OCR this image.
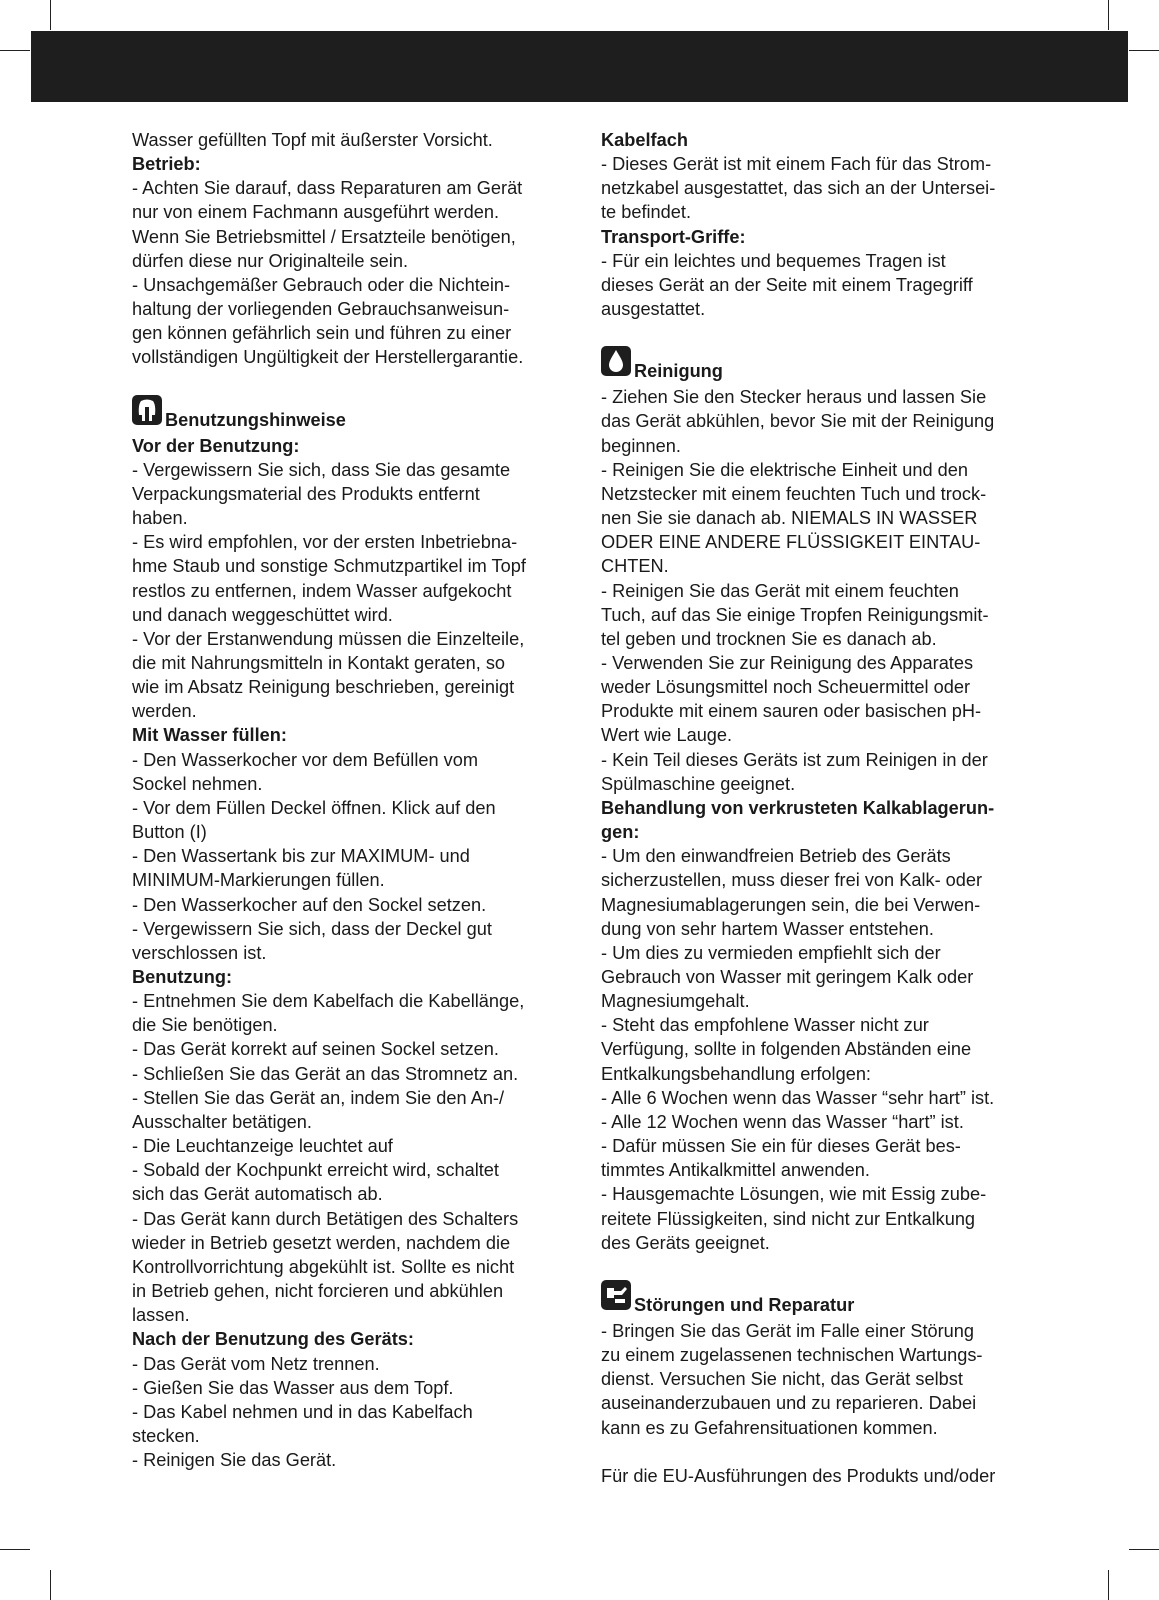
Wasser gefüllten Topf mit äußerster Vorsicht.
Betrieb:
- Achten Sie darauf, dass Reparaturen am Gerät
nur von einem Fachmann ausgeführt werden.
Wenn Sie Betriebsmittel / Ersatzteile benötigen,
dürfen diese nur Originalteile sein.
- Unsachgemäßer Gebrauch oder die Nichtein-
haltung der vorliegenden Gebrauchsanweisun-
gen können gefährlich sein und führen zu einer
vollständigen Ungültigkeit der Herstellergarantie.
Benutzungshinweise
Vor der Benutzung:
- Vergewissern Sie sich, dass Sie das gesamte
Verpackungsmaterial des Produkts entfernt
haben.
- Es wird empfohlen, vor der ersten Inbetriebna-
hme Staub und sonstige Schmutzpartikel im Topf
restlos zu entfernen, indem Wasser aufgekocht
und danach weggeschüttet wird.
- Vor der Erstanwendung müssen die Einzelteile,
die mit Nahrungsmitteln in Kontakt geraten, so
wie im Absatz Reinigung beschrieben, gereinigt
werden.
Mit Wasser füllen:
- Den Wasserkocher vor dem Befüllen vom
Sockel nehmen.
- Vor dem Füllen Deckel öffnen. Klick auf den
Button (I)
- Den Wassertank bis zur MAXIMUM- und
MINIMUM-Markierungen füllen.
- Den Wasserkocher auf den Sockel setzen.
- Vergewissern Sie sich, dass der Deckel gut
verschlossen ist.
Benutzung:
- Entnehmen Sie dem Kabelfach die Kabellänge,
die Sie benötigen.
- Das Gerät korrekt auf seinen Sockel setzen.
- Schließen Sie das Gerät an das Stromnetz an.
- Stellen Sie das Gerät an, indem Sie den An-/
Ausschalter betätigen.
- Die Leuchtanzeige leuchtet auf
- Sobald der Kochpunkt erreicht wird, schaltet
sich das Gerät automatisch ab.
- Das Gerät kann durch Betätigen des Schalters
wieder in Betrieb gesetzt werden, nachdem die
Kontrollvorrichtung abgekühlt ist. Sollte es nicht
in Betrieb gehen, nicht forcieren und abkühlen
lassen.
Nach der Benutzung des Geräts:
- Das Gerät vom Netz trennen.
- Gießen Sie das Wasser aus dem Topf.
- Das Kabel nehmen und in das Kabelfach
stecken.
- Reinigen Sie das Gerät.
Kabelfach
- Dieses Gerät ist mit einem Fach für das Strom-
netzkabel ausgestattet, das sich an der Untersei-
te befindet.
Transport-Griffe:
- Für ein leichtes und bequemes Tragen ist
dieses Gerät an der Seite mit einem Tragegriff
ausgestattet.
Reinigung
- Ziehen Sie den Stecker heraus und lassen Sie
das Gerät abkühlen, bevor Sie mit der Reinigung
beginnen.
- Reinigen Sie die elektrische Einheit und den
Netzstecker mit einem feuchten Tuch und trock-
nen Sie sie danach ab. NIEMALS IN WASSER
ODER EINE ANDERE FLÜSSIGKEIT EINTAU-
CHTEN.
- Reinigen Sie das Gerät mit einem feuchten
Tuch, auf das Sie einige Tropfen Reinigungsmit-
tel geben und trocknen Sie es danach ab.
- Verwenden Sie zur Reinigung des Apparates
weder Lösungsmittel noch Scheuermittel oder
Produkte mit einem sauren oder basischen pH-
Wert wie Lauge.
- Kein Teil dieses Geräts ist zum Reinigen in der
Spülmaschine geeignet.
Behandlung von verkrusteten Kalkablagerun-
gen:
- Um den einwandfreien Betrieb des Geräts
sicherzustellen, muss dieser frei von Kalk- oder
Magnesiumablagerungen sein, die bei Verwen-
dung von sehr hartem Wasser entstehen.
- Um dies zu vermieden empfiehlt sich der
Gebrauch von Wasser mit geringem Kalk oder
Magnesiumgehalt.
- Steht das empfohlene Wasser nicht zur
Verfügung, sollte in folgenden Abständen eine
Entkalkungsbehandlung erfolgen:
- Alle 6 Wochen wenn das Wasser “sehr hart” ist.
- Alle 12 Wochen wenn das Wasser “hart” ist.
- Dafür müssen Sie ein für dieses Gerät bes-
timmtes Antikalkmittel anwenden.
- Hausgemachte Lösungen, wie mit Essig zube-
reitete Flüssigkeiten, sind nicht zur Entkalkung
des Geräts geeignet.
Störungen und Reparatur
- Bringen Sie das Gerät im Falle einer Störung
zu einem zugelassenen technischen Wartungs-
dienst. Versuchen Sie nicht, das Gerät selbst
auseinanderzubauen und zu reparieren. Dabei
kann es zu Gefahrensituationen kommen.
Für die EU-Ausführungen des Produkts und/oder
